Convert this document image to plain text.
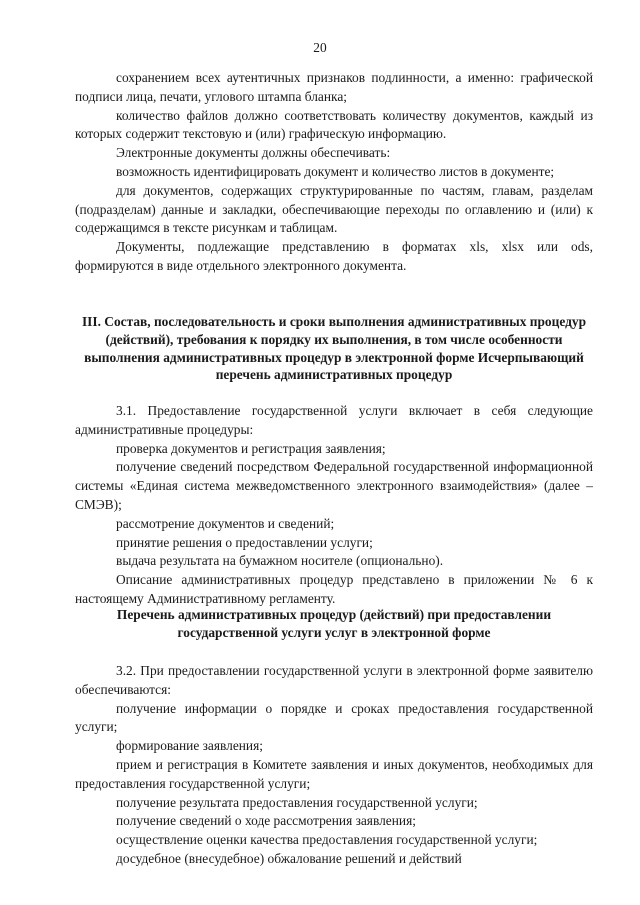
20

сохранением всех аутентичных признаков подлинности, а именно: графической подписи лица, печати, углового штампа бланка;

количество файлов должно соответствовать количеству документов, каждый из которых содержит текстовую и (или) графическую информацию.

Электронные документы должны обеспечивать:

возможность идентифицировать документ и количество листов в документе;

для документов, содержащих структурированные по частям, главам, разделам (подразделам) данные и закладки, обеспечивающие переходы по оглавлению и (или) к содержащимся в тексте рисункам и таблицам.

Документы, подлежащие представлению в форматах xls, xlsx или ods, формируются в виде отдельного электронного документа.

III. Состав, последовательность и сроки выполнения административных процедур (действий), требования к порядку их выполнения, в том числе особенности выполнения административных процедур в электронной форме Исчерпывающий перечень административных процедур

3.1. Предоставление государственной услуги включает в себя следующие административные процедуры:

проверка документов и регистрация заявления;

получение сведений посредством Федеральной государственной информационной системы «Единая система межведомственного электронного взаимодействия» (далее – СМЭВ);

рассмотрение документов и сведений;

принятие решения о предоставлении услуги;

выдача результата на бумажном носителе (опционально).

Описание административных процедур представлено в приложении № 6 к настоящему Административному регламенту.

Перечень административных процедур (действий) при предоставлении государственной услуги услуг в электронной форме

3.2. При предоставлении государственной услуги в электронной форме заявителю обеспечиваются:

получение информации о порядке и сроках предоставления государственной услуги;

формирование заявления;

прием и регистрация в Комитете заявления и иных документов, необходимых для предоставления государственной услуги;

получение результата предоставления государственной услуги;

получение сведений о ходе рассмотрения заявления;

осуществление оценки качества предоставления государственной услуги;

досудебное (внесудебное) обжалование решений и действий
